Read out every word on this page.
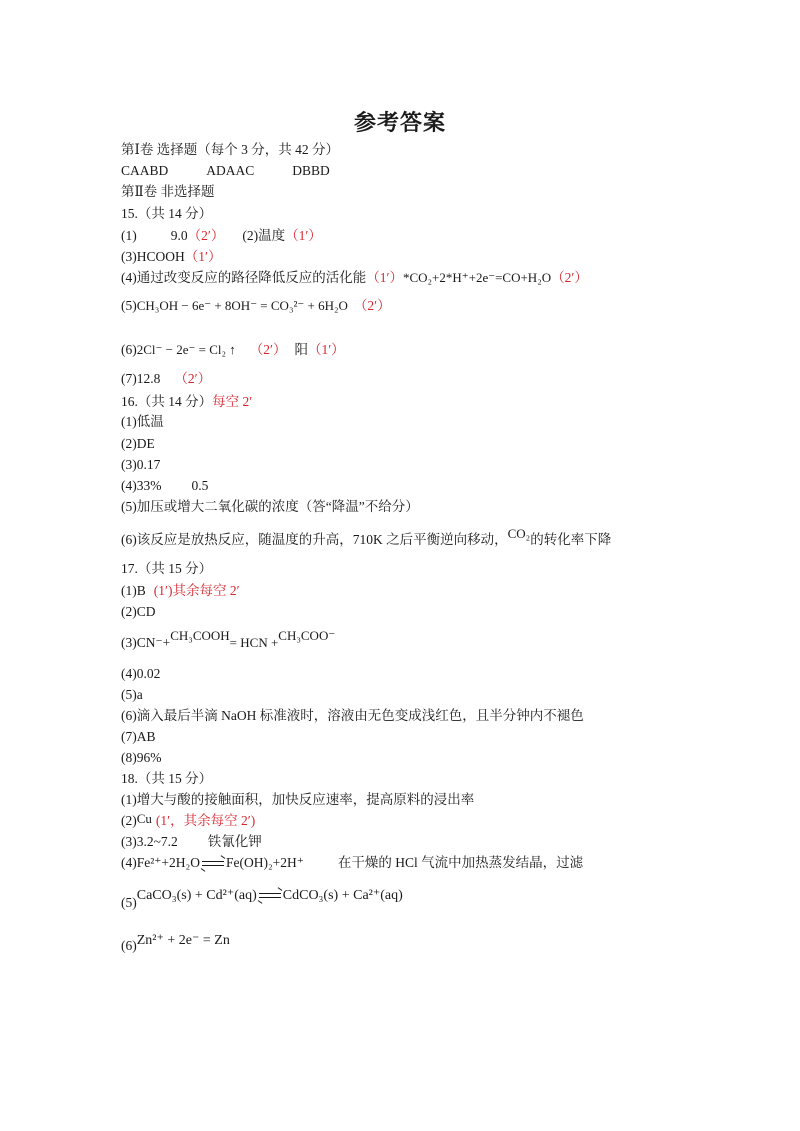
参考答案
第Ⅰ卷 选择题（每个 3 分，共 42 分）
CAABD	ADAAC	DBBD
第Ⅱ卷 非选择题
15.（共 14 分）
(1)	9.0（2′） (2)温度（1′）
(3)HCOOH（1′）
(4)通过改变反应的路径降低反应的活化能（1′）*CO₂+2*H⁺+2e⁻=CO+H₂O（2′）
(5)CH₃OH − 6e⁻ + 8OH⁻ = CO₃²⁻ + 6H₂O （2′）
(6)2Cl⁻ − 2e⁻ = Cl₂ ↑ （2′） 阳（1′）
(7)12.8 （2′）
16.（共 14 分）每空 2′
(1)低温
(2)DE
(3)0.17
(4)33% 0.5
(5)加压或增大二氧化碳的浓度（答“降温”不给分）
(6)该反应是放热反应，随温度的升高，710K 之后平衡逆向移动，CO₂的转化率下降
17.（共 15 分）
(1)B (1′)其余每空 2′
(2)CD
(3)CN⁻+CH₃COOH= HCN +CH₃COO⁻
(4)0.02
(5)a
(6)滴入最后半滴 NaOH 标准液时，溶液由无色变成浅红色，且半分钟内不褪色
(7)AB
(8)96%
18.（共 15 分）
(1)增大与酸的接触面积，加快反应速率，提高原料的浸出率
(2)Cu (1′，其余每空 2′)
(3)3.2~7.2 铁氰化钾
(4)Fe²⁺+2H₂O Fe(OH)₂+2H⁺	在干燥的 HCl 气流中加热蒸发结晶，过滤
(5)CaCO₃(s) + Cd²⁺(aq) CdCO₃(s) + Ca²⁺(aq)
(6)Zn²⁺ + 2e⁻ = Zn
